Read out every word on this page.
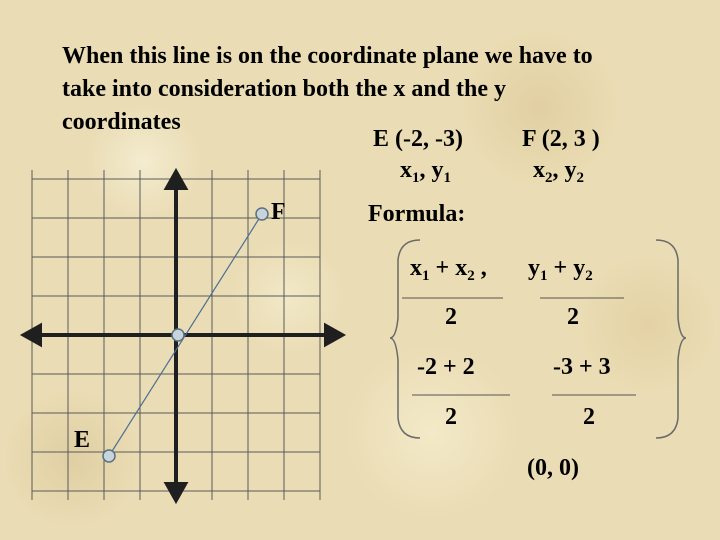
When this line is on the coordinate plane we have to
take into consideration both the x and the y
coordinates
E (-2, -3) F (2, 3 )
$x_1$, $y_1$	$x_2$, $y_2$
F
E
Formula:
$x_1 + x_2$ , $y_1 + y_2$
2	2
-2 + 2	-3 + 3
2	2
(0, 0)
